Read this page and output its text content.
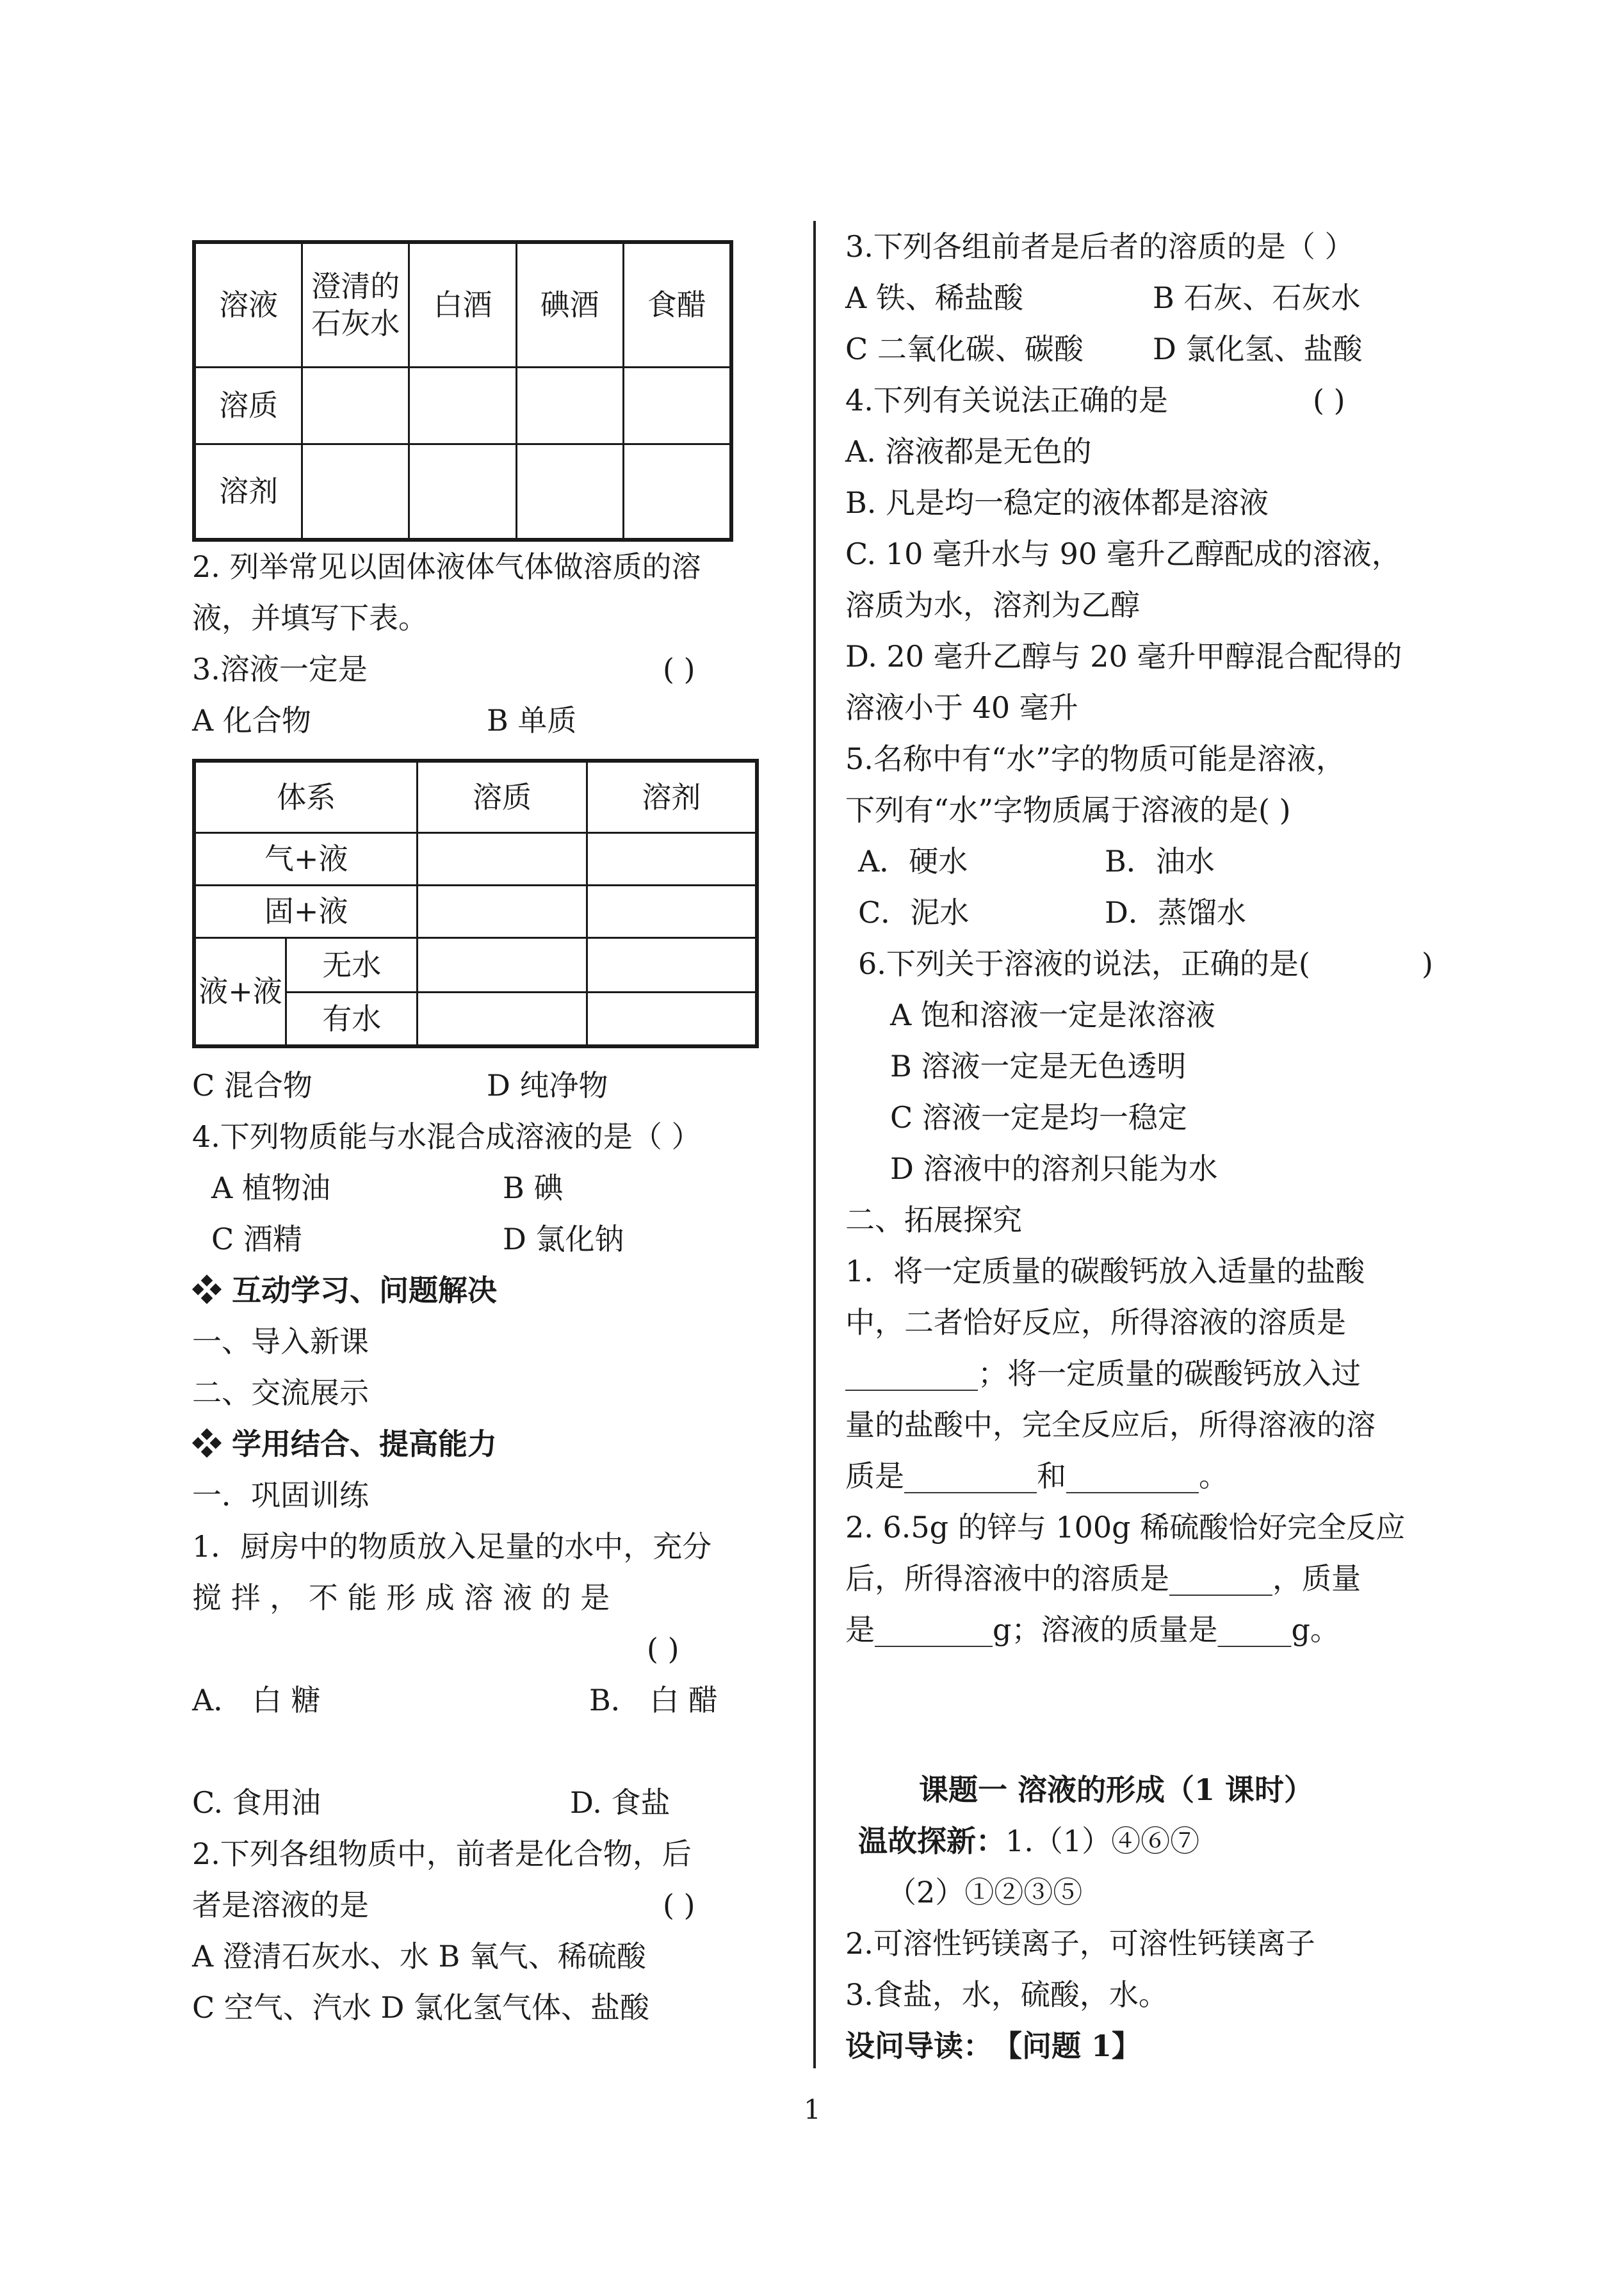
溶液	澄清的石灰水	白酒	碘酒	食醋
溶质				
溶剂				
2. 列举常见以固体液体气体做溶质的溶
液，并填写下表。
3.溶液一定是	( )
A 化合物	B 单质
体系		溶质	溶剂
气+液			
固+液			
液+液	无水		
	有水		
C 混合物	D 纯净物
4.下列物质能与水混合成溶液的是（ ）
A 植物油	B 碘
C 酒精	D 氯化钠
❖ 互动学习、问题解决
一、导入新课
二、交流展示
❖ 学用结合、提高能力
一．巩固训练
1．厨房中的物质放入足量的水中，充分
搅 拌 ， 不 能 形 成 溶 液 的 是
( )
A． 白 糖	B． 白 醋
C. 食用油	D. 食盐
2.下列各组物质中，前者是化合物，后
者是溶液的是	( )
A 澄清石灰水、水 B 氧气、稀硫酸
C 空气、汽水 D 氯化氢气体、盐酸
3.下列各组前者是后者的溶质的是（ ）
A 铁、稀盐酸	B 石灰、石灰水
C 二氧化碳、碳酸 D 氯化氢、盐酸
4.下列有关说法正确的是	( )
A. 溶液都是无色的
B. 凡是均一稳定的液体都是溶液
C. 10 毫升水与 90 毫升乙醇配成的溶液，
溶质为水，溶剂为乙醇
D. 20 毫升乙醇与 20 毫升甲醇混合配得的
溶液小于 40 毫升
5.名称中有“水”字的物质可能是溶液，
下列有“水”字物质属于溶液的是( )
A．硬水	B．油水
C．泥水	D．蒸馏水
6.下列关于溶液的说法，正确的是(	)
A 饱和溶液一定是浓溶液
B 溶液一定是无色透明
C 溶液一定是均一稳定
D 溶液中的溶剂只能为水
二、拓展探究
1．将一定质量的碳酸钙放入适量的盐酸
中，二者恰好反应，所得溶液的溶质是
_________；将一定质量的碳酸钙放入过
量的盐酸中，完全反应后，所得溶液的溶
质是_________和_________。
2. 6.5g 的锌与 100g 稀硫酸恰好完全反应
后，所得溶液中的溶质是_______，质量
是________g；溶液的质量是_____g。
课题一 溶液的形成（1 课时）
温故探新： 1.（1）④⑥⑦
（2）①②③⑤
2.可溶性钙镁离子，可溶性钙镁离子
3.食盐，水，硫酸，水。
设问导读： 【问题 1】
1
